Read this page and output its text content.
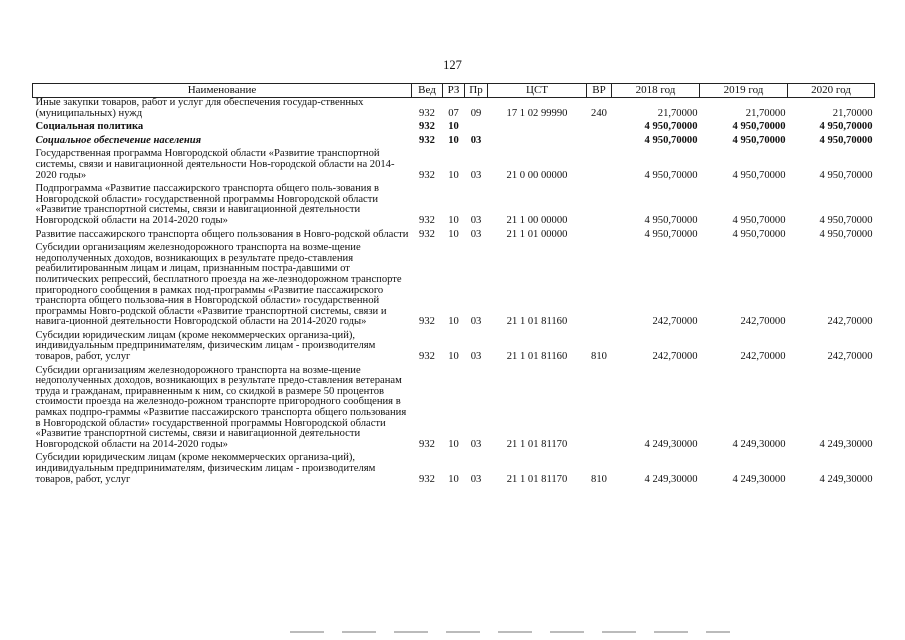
127
Наименование	Вед	РЗ	Пр	ЦСТ	ВР	2018 год	2019 год	2020 год
Иные закупки товаров, работ и услуг для обеспечения государ-ственных (муниципальных) нужд	932	07	09	17 1 02 99990	240	21,70000	21,70000	21,70000
Социальная политика	932	10				4 950,70000	4 950,70000	4 950,70000
Социальное обеспечение населения	932	10	03			4 950,70000	4 950,70000	4 950,70000
Государственная программа Новгородской области «Развитие транспортной системы, связи и навигационной деятельности Нов-городской области на 2014-2020 годы»	932	10	03	21 0 00 00000		4 950,70000	4 950,70000	4 950,70000
Подпрограмма «Развитие пассажирского транспорта общего поль-зования в Новгородской области» государственной программы Новгородской области «Развитие транспортной системы, связи и навигационной деятельности Новгородской области на 2014-2020 годы»	932	10	03	21 1 00 00000		4 950,70000	4 950,70000	4 950,70000
Развитие пассажирского транспорта общего пользования в Новго-родской области	932	10	03	21 1 01 00000		4 950,70000	4 950,70000	4 950,70000
Субсидии организациям железнодорожного транспорта на возме-щение недополученных доходов, возникающих в результате предо-ставления реабилитированным лицам и лицам, признанным постра-давшими от политических репрессий, бесплатного проезда на же-лезнодорожном транспорте пригородного сообщения в рамках под-программы «Развитие пассажирского транспорта общего пользова-ния в Новгородской области» государственной программы Новго-родской области «Развитие транспортной системы, связи и навига-ционной деятельности Новгородской области на 2014-2020 годы»	932	10	03	21 1 01 81160		242,70000	242,70000	242,70000
Субсидии юридическим лицам (кроме некоммерческих организа-ций), индивидуальным предпринимателям, физическим лицам - производителям товаров, работ, услуг	932	10	03	21 1 01 81160	810	242,70000	242,70000	242,70000
Субсидии организациям железнодорожного транспорта на возме-щение недополученных доходов, возникающих в результате предо-ставления ветеранам труда и гражданам, приравненным к ним, со скидкой в размере 50 процентов стоимости проезда на железнодо-рожном транспорте пригородного сообщения в рамках подпро-граммы «Развитие пассажирского транспорта общего пользования в Новгородской области» государственной программы Новгородской области «Развитие транспортной системы, связи и навигационной деятельности Новгородской области на 2014-2020 годы»	932	10	03	21 1 01 81170		4 249,30000	4 249,30000	4 249,30000
Субсидии юридическим лицам (кроме некоммерческих организа-ций), индивидуальным предпринимателям, физическим лицам - производителям товаров, работ, услуг	932	10	03	21 1 01 81170	810	4 249,30000	4 249,30000	4 249,30000
